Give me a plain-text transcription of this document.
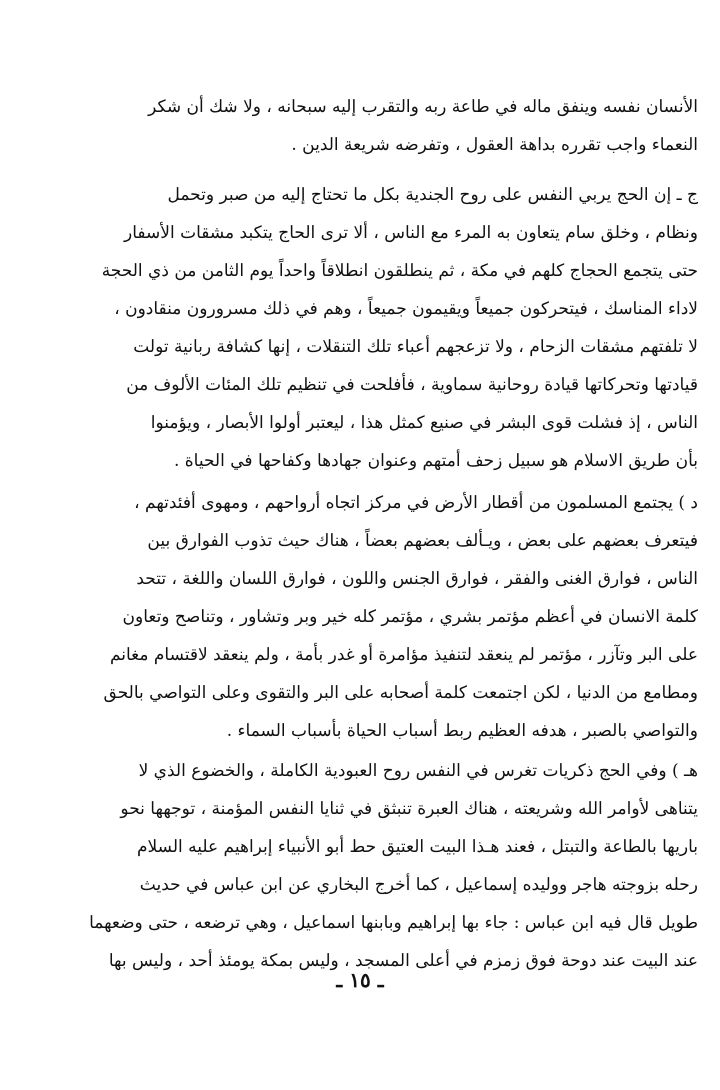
الأنسان نفسه وينفق ماله في طاعة ربه والتقرب إليه سبحانه ، ولا شك أن شكر
النعماء واجب تقرره بداهة العقول ، وتفرضه شريعة الدين .
ج ـ إن الحج يربي النفس على روح الجندية بكل ما تحتاج إليه من صبر وتحمل
ونظام ، وخلق سام يتعاون به المرء مع الناس ، ألا ترى الحاج يتكبد مشقات الأسفار
حتى يتجمع الحجاج كلهم في مكة ، ثم ينطلقون انطلاقاً واحداً يوم الثامن من ذي الحجة
لاداء المناسك ، فيتحركون جميعاً ويقيمون جميعاً ، وهم في ذلك مسرورون منقادون ،
لا تلفتهم مشقات الزحام ، ولا تزعجهم أعباء تلك التنقلات ، إنها كشافة ربانية تولت
قيادتها وتحركاتها قيادة روحانية سماوية ، فأفلحت في تنظيم تلك المئات الألوف من
الناس ، إذ فشلت قوى البشر في صنيع كمثل هذا ، ليعتبر أولوا الأبصار ، ويؤمنوا
بأن طريق الاسلام هو سبيل زحف أمتهم وعنوان جهادها وكفاحها في الحياة .
د ) يجتمع المسلمون من أقطار الأرض في مركز اتجاه أرواحهم ، ومهوى أفئدتهم ،
فيتعرف بعضهم على بعض ، ويـألف بعضهم بعضاً ، هناك حيث تذوب الفوارق بين
الناس ، فوارق الغنى والفقر ، فوارق الجنس واللون ، فوارق اللسان واللغة ، تتحد
كلمة الانسان في أعظم مؤتمر بشري ، مؤتمر كله خير وبر وتشاور ، وتناصح وتعاون
على البر وتآزر ، مؤتمر لم ينعقد لتنفيذ مؤامرة أو غدر بأمة ، ولم ينعقد لاقتسام مغانم
ومطامع من الدنيا ، لكن اجتمعت كلمة أصحابه على البر والتقوى وعلى التواصي بالحق
والتواصي بالصبر ، هدفه العظيم ربط أسباب الحياة بأسباب السماء .
هـ ) وفي الحج ذكريات تغرس في النفس روح العبودية الكاملة ، والخضوع الذي لا
يتناهى لأوامر الله وشريعته ، هناك العبرة تنبثق في ثنايا النفس المؤمنة ، توجهها نحو
باريها بالطاعة والتبتل ، فعند هـذا البيت العتيق حط أبو الأنبياء إبراهيم عليه السلام
رحله بزوجته هاجر ووليده إسماعيل ، كما أخرج البخاري عن ابن عباس في حديث
طويل قال فيه ابن عباس : جاء بها إبراهيم وبابنها اسماعيل ، وهي ترضعه ، حتى وضعهما
عند البيت عند دوحة فوق زمزم في أعلى المسجد ، وليس بمكة يومئذ أحد ، وليس بها
ـ ١٥ ـ
